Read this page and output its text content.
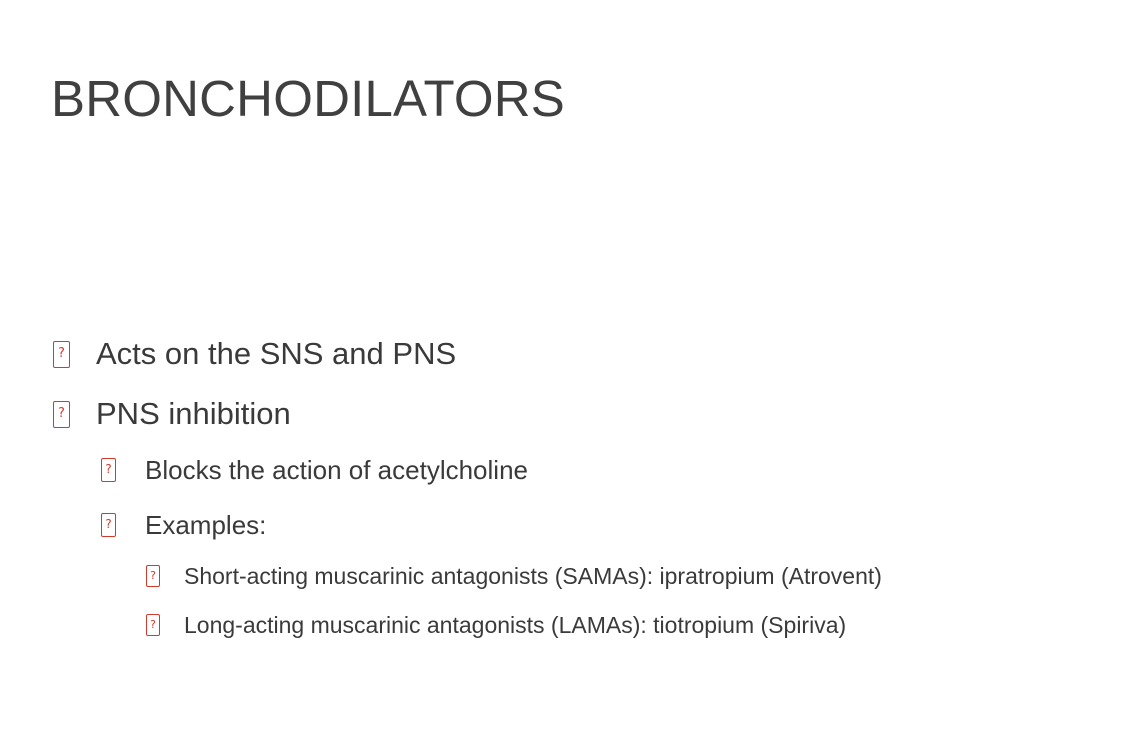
BRONCHODILATORS
? Acts on the SNS and PNS
? PNS inhibition
? Blocks the action of acetylcholine
? Examples:
? Short-acting muscarinic antagonists (SAMAs): ipratropium (Atrovent)
? Long-acting muscarinic antagonists (LAMAs): tiotropium (Spiriva)
